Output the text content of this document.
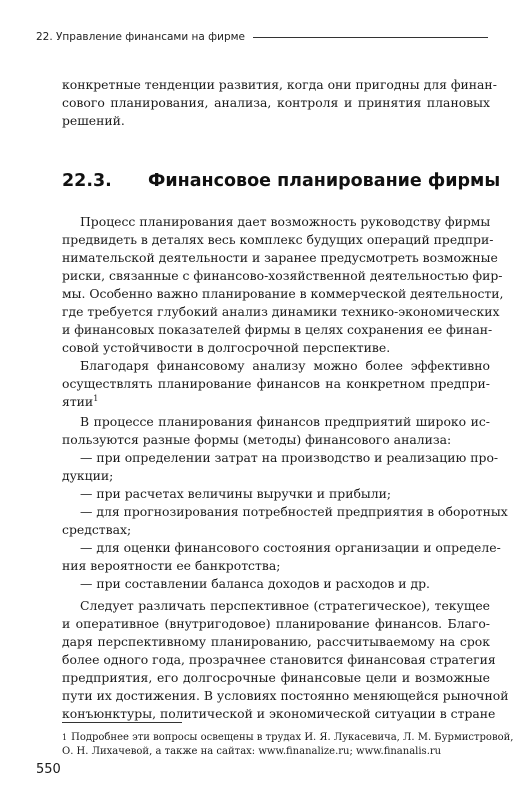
22. Управление финансами на фирме
конкретные тенденции развития, когда они пригодны для финан-
сового планирования, анализа, контроля и принятия плановых
решений.
22.3. Финансовое планирование фирмы
Процесс планирования дает возможность руководству фирмы
предвидеть в деталях весь комплекс будущих операций предпри-
нимательской деятельности и заранее предусмотреть возможные
риски, связанные с финансово-хозяйственной деятельностью фир-
мы. Особенно важно планирование в коммерческой деятельности,
где требуется глубокий анализ динамики технико-экономических
и финансовых показателей фирмы в целях сохранения ее финан-
совой устойчивости в долгосрочной перспективе.
Благодаря финансовому анализу можно более эффективно
осуществлять планирование финансов на конкретном предпри-
ятии$^1$
В процессе планирования финансов предприятий широко ис-
пользуются разные формы (методы) финансового анализа:
— при определении затрат на производство и реализацию про-
дукции;
— при расчетах величины выручки и прибыли;
— для прогнозирования потребностей предприятия в оборотных
средствах;
— для оценки финансового состояния организации и определе-
ния вероятности ее банкротства;
— при составлении баланса доходов и расходов и др.
Следует различать перспективное (стратегическое), текущее
и оперативное (внутригодовое) планирование финансов. Благо-
даря перспективному планированию, рассчитываемому на срок
более одного года, прозрачнее становится финансовая стратегия
предприятия, его долгосрочные финансовые цели и возможные
пути их достижения. В условиях постоянно меняющейся рыночной
конъюнктуры, политической и экономической ситуации в стране
$^1$ Подробнее эти вопросы освещены в трудах И. Я. Лукасевича, Л. М. Бурмистровой,
О. Н. Лихачевой, а также на сайтах: www.finanalize.ru; www.finanalis.ru
550
